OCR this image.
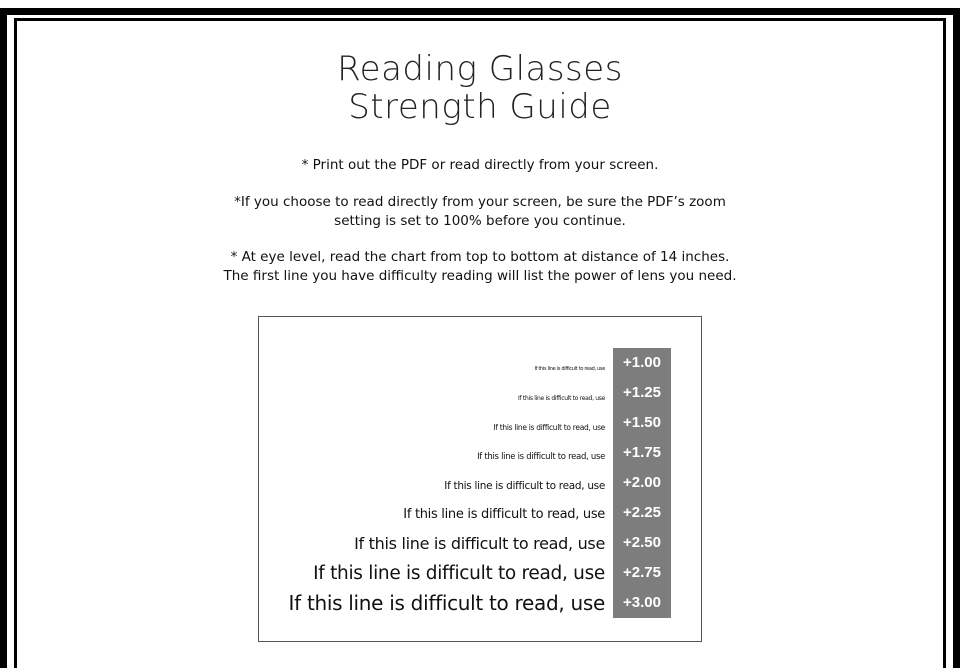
Reading Glasses
Strength Guide
* Print out the PDF or read directly from your screen.
*If you choose to read directly from your screen, be sure the PDF’s zoom
setting is set to 100% before you continue.
* At eye level, read the chart from top to bottom at distance of 14 inches.
The first line you have difficulty reading will list the power of lens you need.
If this line is difficult to read, use	+1.00
If this line is difficult to read, use	+1.25
If this line is difficult to read, use	+1.50
If this line is difficult to read, use	+1.75
If this line is difficult to read, use	+2.00
If this line is difficult to read, use	+2.25
If this line is difficult to read, use	+2.50
If this line is difficult to read, use	+2.75
If this line is difficult to read, use	+3.00
